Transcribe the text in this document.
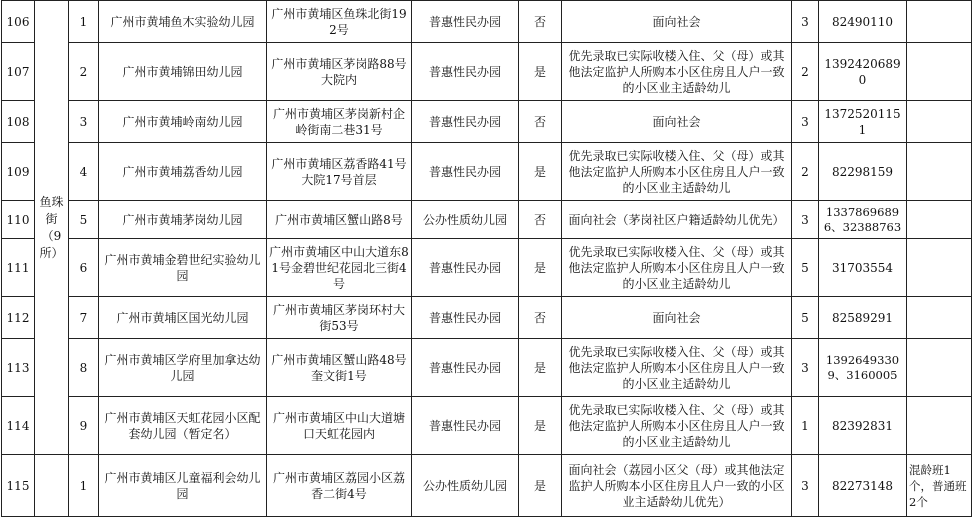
106	鱼珠街（9所）	1	广州市黄埔鱼木实验幼儿园	广州市黄埔区鱼珠北街192号	普惠性民办园	否	面向社会	3	82490110	
107		2	广州市黄埔锦田幼儿园	广州市黄埔区茅岗路88号大院内	普惠性民办园	是	优先录取已实际收楼入住、父（母）或其他法定监护人所购本小区住房且人户一致的小区业主适龄幼儿	2	13924206890	
108		3	广州市黄埔岭南幼儿园	广州市黄埔区茅岗新村企岭街南二巷31号	普惠性民办园	否	面向社会	3	13725201151	
109		4	广州市黄埔荔香幼儿园	广州市黄埔区荔香路41号大院17号首层	普惠性民办园	是	优先录取已实际收楼入住、父（母）或其他法定监护人所购本小区住房且人户一致的小区业主适龄幼儿	2	82298159	
110		5	广州市黄埔茅岗幼儿园	广州市黄埔区蟹山路8号	公办性质幼儿园	否	面向社会（茅岗社区户籍适龄幼儿优先）	3	13378696896、32388763	
111		6	广州市黄埔金碧世纪实验幼儿园	广州市黄埔区中山大道东81号金碧世纪花园北三街4号	普惠性民办园	是	优先录取已实际收楼入住、父（母）或其他法定监护人所购本小区住房且人户一致的小区业主适龄幼儿	5	31703554	
112		7	广州市黄埔区国光幼儿园	广州市黄埔区茅岗环村大街53号	普惠性民办园	否	面向社会	5	82589291	
113		8	广州市黄埔区学府里加拿达幼儿园	广州市黄埔区蟹山路48号奎文街1号	普惠性民办园	是	优先录取已实际收楼入住、父（母）或其他法定监护人所购本小区住房且人户一致的小区业主适龄幼儿	3	13926493309、3160005	
114		9	广州市黄埔区天虹花园小区配套幼儿园（暂定名）	广州市黄埔区中山大道塘口天虹花园内	普惠性民办园	是	优先录取已实际收楼入住、父（母）或其他法定监护人所购本小区住房且人户一致的小区业主适龄幼儿	1	82392831	
115		1	广州市黄埔区儿童福利会幼儿园	广州市黄埔区荔园小区荔香二街4号	公办性质幼儿园	是	面向社会（荔园小区父（母）或其他法定监护人所购本小区住房且人户一致的小区业主适龄幼儿优先）	3	82273148	混龄班1个，普通班2个
